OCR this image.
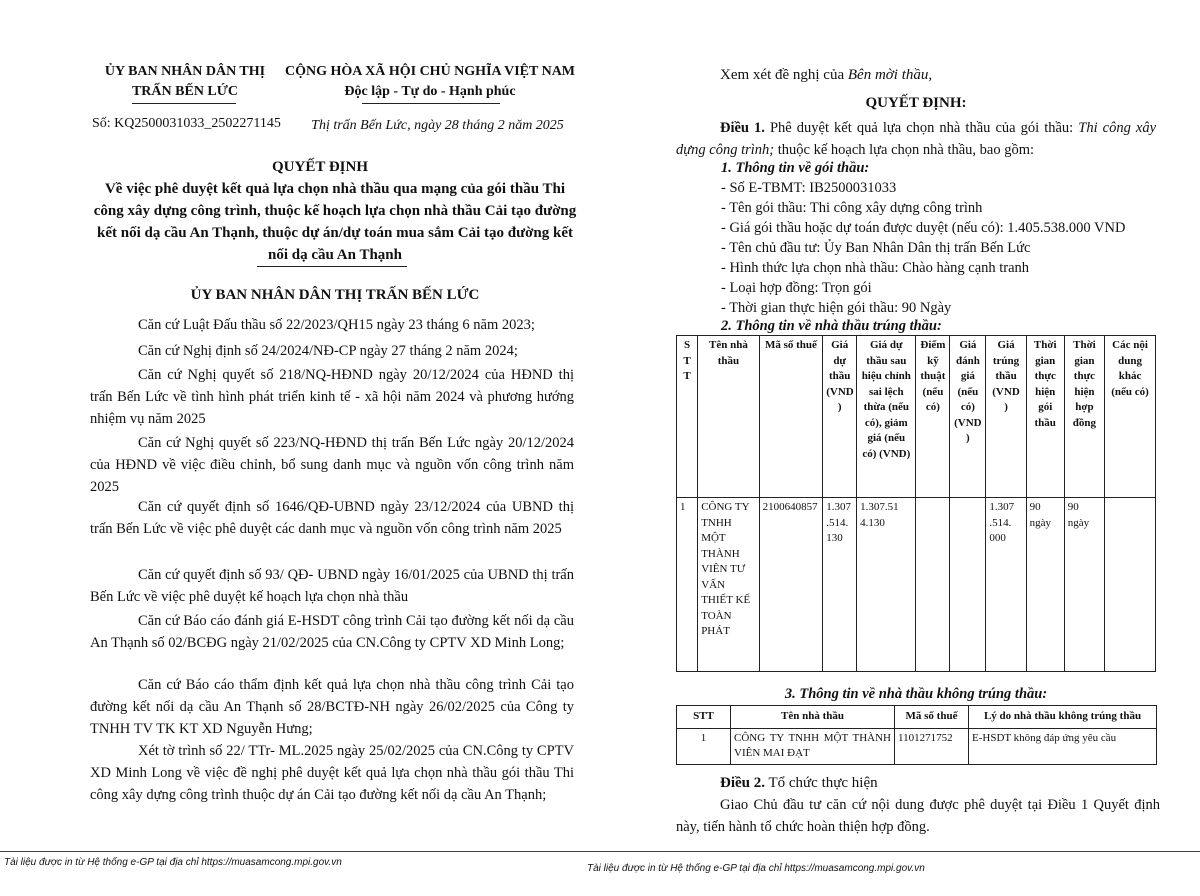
ỦY BAN NHÂN DÂN THỊ
TRẤN BẾN LỨC
Số: KQ2500031033_2502271145
CỘNG HÒA XÃ HỘI CHỦ NGHĨA VIỆT NAM
Độc lập - Tự do - Hạnh phúc
Thị trấn Bến Lức, ngày 28 tháng 2 năm 2025
QUYẾT ĐỊNH
Về việc phê duyệt kết quả lựa chọn nhà thầu qua mạng của gói thầu Thi
công xây dựng công trình, thuộc kế hoạch lựa chọn nhà thầu Cải tạo đường
kết nối dạ cầu An Thạnh, thuộc dự án/dự toán mua sắm Cải tạo đường kết
nối dạ cầu An Thạnh
ỦY BAN NHÂN DÂN THỊ TRẤN BẾN LỨC
Căn cứ Luật Đấu thầu số 22/2023/QH15 ngày 23 tháng 6 năm 2023;
Căn cứ Nghị định số 24/2024/NĐ-CP ngày 27 tháng 2 năm 2024;
Căn cứ Nghị quyết số 218/NQ-HĐND ngày 20/12/2024 của HĐND thị trấn Bến Lức về tình hình phát triển kinh tế - xã hội năm 2024 và phương hướng nhiệm vụ năm 2025
Căn cứ Nghị quyết số 223/NQ-HĐND thị trấn Bến Lức ngày 20/12/2024 của HĐND về việc điều chỉnh, bổ sung danh mục và nguồn vốn công trình năm 2025
Căn cứ quyết định số 1646/QĐ-UBND ngày 23/12/2024 của UBND thị trấn Bến Lức về việc phê duyệt các danh mục và nguồn vốn công trình năm 2025
Căn cứ quyết định số 93/ QĐ- UBND ngày 16/01/2025 của UBND thị trấn Bến Lức về việc phê duyệt kế hoạch lựa chọn nhà thầu
Căn cứ Báo cáo đánh giá E-HSDT công trình Cải tạo đường kết nối dạ cầu An Thạnh số 02/BCĐG ngày 21/02/2025 của CN.Công ty CPTV XD Minh Long;
Căn cứ Báo cáo thẩm định kết quả lựa chọn nhà thầu công trình Cải tạo đường kết nối dạ cầu An Thạnh số 28/BCTĐ-NH ngày 26/02/2025 của Công ty TNHH TV TK KT XD Nguyễn Hưng;
Xét tờ trình số 22/ TTr- ML.2025 ngày 25/02/2025 của CN.Công ty CPTV XD Minh Long về việc đề nghị phê duyệt kết quả lựa chọn nhà thầu gói thầu Thi công xây dựng công trình thuộc dự án Cải tạo đường kết nối dạ cầu An Thạnh;
Tài liệu được in từ Hệ thống e-GP tại địa chỉ https://muasamcong.mpi.gov.vn
Xem xét đề nghị của Bên mời thầu,
QUYẾT ĐỊNH:
Điều 1. Phê duyệt kết quả lựa chọn nhà thầu của gói thầu: Thi công xây dựng công trình; thuộc kế hoạch lựa chọn nhà thầu, bao gồm:
1. Thông tin về gói thầu:
- Số E-TBMT: IB2500031033
- Tên gói thầu: Thi công xây dựng công trình
- Giá gói thầu hoặc dự toán được duyệt (nếu có): 1.405.538.000 VND
- Tên chủ đầu tư: Ủy Ban Nhân Dân thị trấn Bến Lức
- Hình thức lựa chọn nhà thầu: Chào hàng cạnh tranh
- Loại hợp đồng: Trọn gói
- Thời gian thực hiện gói thầu: 90 Ngày
2. Thông tin về nhà thầu trúng thầu:
S T T	Tên nhà thầu	Mã số thuế	Giá dự thầu (VND )	Giá dự thầu sau hiệu chỉnh sai lệch thừa (nếu có), giảm giá (nếu có) (VND)	Điểm kỹ thuật (nếu có)	Giá đánh giá (nếu có) (VND )	Giá trúng thầu (VND )	Thời gian thực hiện gói thầu	Thời gian thực hiện hợp đồng	Các nội dung khác (nếu có)
1	CÔNG TY TNHH MỘT THÀNH VIÊN TƯ VẤN THIẾT KẾ TOÀN PHÁT	2100640857	1.307 .514. 130	1.307.51 4.130			1.307 .514. 000	90 ngày	90 ngày	
3. Thông tin về nhà thầu không trúng thầu:
STT	Tên nhà thầu	Mã số thuế	Lý do nhà thầu không trúng thầu
1	CÔNG TY TNHH MỘT THÀNH VIÊN MAI ĐẠT	1101271752	E-HSDT không đáp ứng yêu cầu
Điều 2. Tổ chức thực hiện
Giao Chủ đầu tư căn cứ nội dung được phê duyệt tại Điều 1 Quyết định này, tiến hành tổ chức hoàn thiện hợp đồng.
Tài liệu được in từ Hệ thống e-GP tại địa chỉ https://muasamcong.mpi.gov.vn
